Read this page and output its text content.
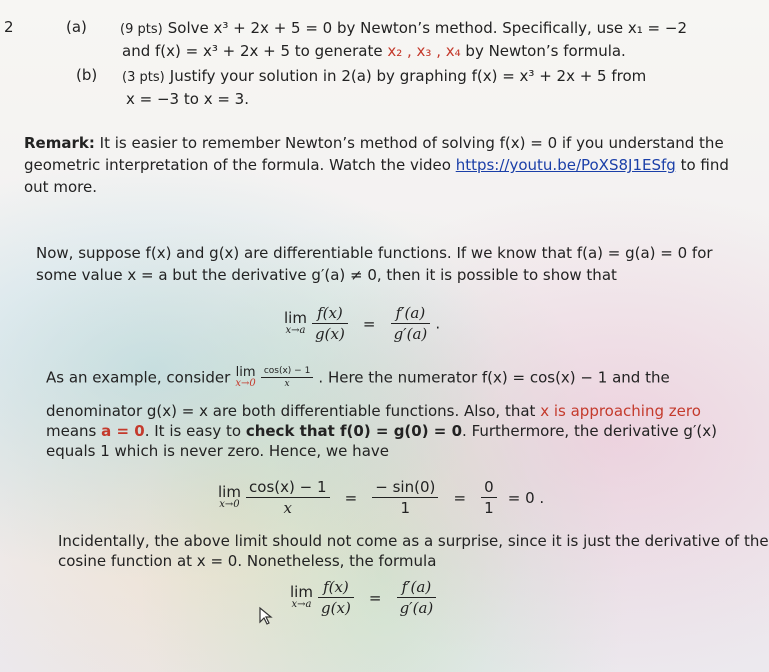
2	(a)	(9 pts) Solve x³ + 2x + 5 = 0 by Newton’s method. Specifically, use x₁ = −2
and f(x) = x³ + 2x + 5 to generate x₂ , x₃ , x₄ by Newton’s formula.
(b) (3 pts) Justify your solution in 2(a) by graphing f(x) = x³ + 2x + 5 from
x = −3 to x = 3.
Remark: It is easier to remember Newton’s method of solving f(x) = 0 if you understand the
geometric interpretation of the formula. Watch the video https://youtu.be/PoXS8J1ESfg to find
out more.
Now, suppose f(x) and g(x) are differentiable functions. If we know that f(a) = g(a) = 0 for
some value x = a but the derivative g′(a) ≠ 0, then it is possible to show that
lim
x→a
$\frac{f(x)}{g(x)} = \frac{f'(a)}{g'(a)}$ .
As an example, consider lim
x→0
$\frac{\cos(x) - 1}{x}$ . Here the numerator f(x) = cos(x) − 1 and the
denominator g(x) = x are both differentiable functions. Also, that x is approaching zero
means a = 0. It is easy to check that f(0) = g(0) = 0. Furthermore, the derivative g′(x)
equals 1 which is never zero. Hence, we have
lim
x→0
$\frac{\cos(x) - 1}{x} = \frac{- \sin(0)}{1} = \frac{0}{1} = 0$ .
Incidentally, the above limit should not come as a surprise, since it is just the derivative of the
cosine function at x = 0. Nonetheless, the formula
lim
x→a
$\frac{f(x)}{g(x)} = \frac{f'(a)}{g'(a)}$
